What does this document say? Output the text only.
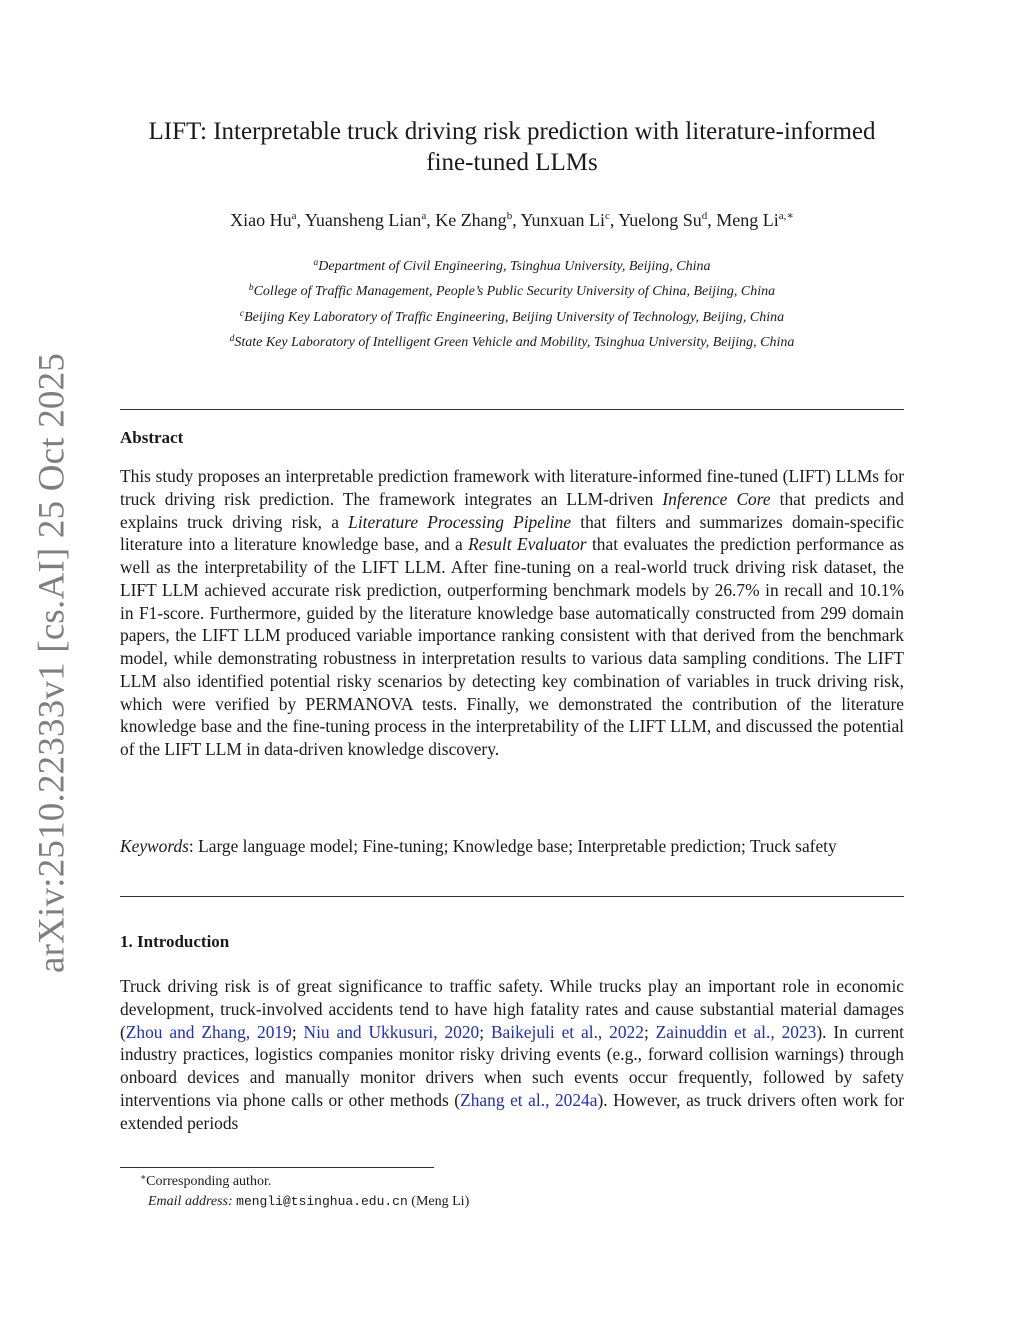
arXiv:2510.22333v1 [cs.AI] 25 Oct 2025
LIFT: Interpretable truck driving risk prediction with literature-informed
fine-tuned LLMs
Xiao Hu$^a$, Yuansheng Lian$^a$, Ke Zhang$^b$, Yunxuan Li$^c$, Yuelong Su$^d$, Meng $Li^{a,∗}$
$^a$Department of Civil Engineering, Tsinghua University, Beijing, China
$^b$College of Traffic Management, People’s Public Security University of China, Beijing, China
$^c$Beijing Key Laboratory of Traffic Engineering, Beijing University of Technology, Beijing, China
$^d$State Key Laboratory of Intelligent Green Vehicle and Mobility, Tsinghua University, Beijing, China
Abstract
This study proposes an interpretable prediction framework with literature-informed fine-tuned (LIFT) LLMs for truck driving risk prediction. The framework integrates an LLM-driven Inference Core that predicts and explains truck driving risk, a Literature Processing Pipeline that filters and summarizes domain-specific literature into a literature knowledge base, and a Result Evaluator that evaluates the prediction performance as well as the interpretability of the LIFT LLM. After fine-tuning on a real-world truck driving risk dataset, the LIFT LLM achieved accurate risk prediction, outperforming benchmark models by 26.7% in recall and 10.1% in F1-score. Furthermore, guided by the literature knowledge base automatically constructed from 299 domain papers, the LIFT LLM produced variable importance ranking consistent with that derived from the benchmark model, while demonstrating robustness in interpretation results to various data sampling conditions. The LIFT LLM also identified potential risky scenarios by detecting key combination of variables in truck driving risk, which were verified by PERMANOVA tests. Finally, we demonstrated the contribution of the literature knowledge base and the fine-tuning process in the interpretability of the LIFT LLM, and discussed the potential of the LIFT LLM in data-driven knowledge discovery.
Keywords: Large language model; Fine-tuning; Knowledge base; Interpretable prediction; Truck safety
1. Introduction
Truck driving risk is of great significance to traffic safety. While trucks play an important role in economic development, truck-involved accidents tend to have high fatality rates and cause substantial material damages (Zhou and Zhang, 2019; Niu and Ukkusuri, 2020; Baikejuli et al., 2022; Zainuddin et al., 2023). In current industry practices, logistics companies monitor risky driving events (e.g., forward collision warnings) through onboard devices and manually monitor drivers when such events occur frequently, followed by safety interventions via phone calls or other methods (Zhang et al., 2024a). However, as truck drivers often work for extended periods
∗Corresponding author.
Email address: mengli@tsinghua.edu.cn (Meng Li)
